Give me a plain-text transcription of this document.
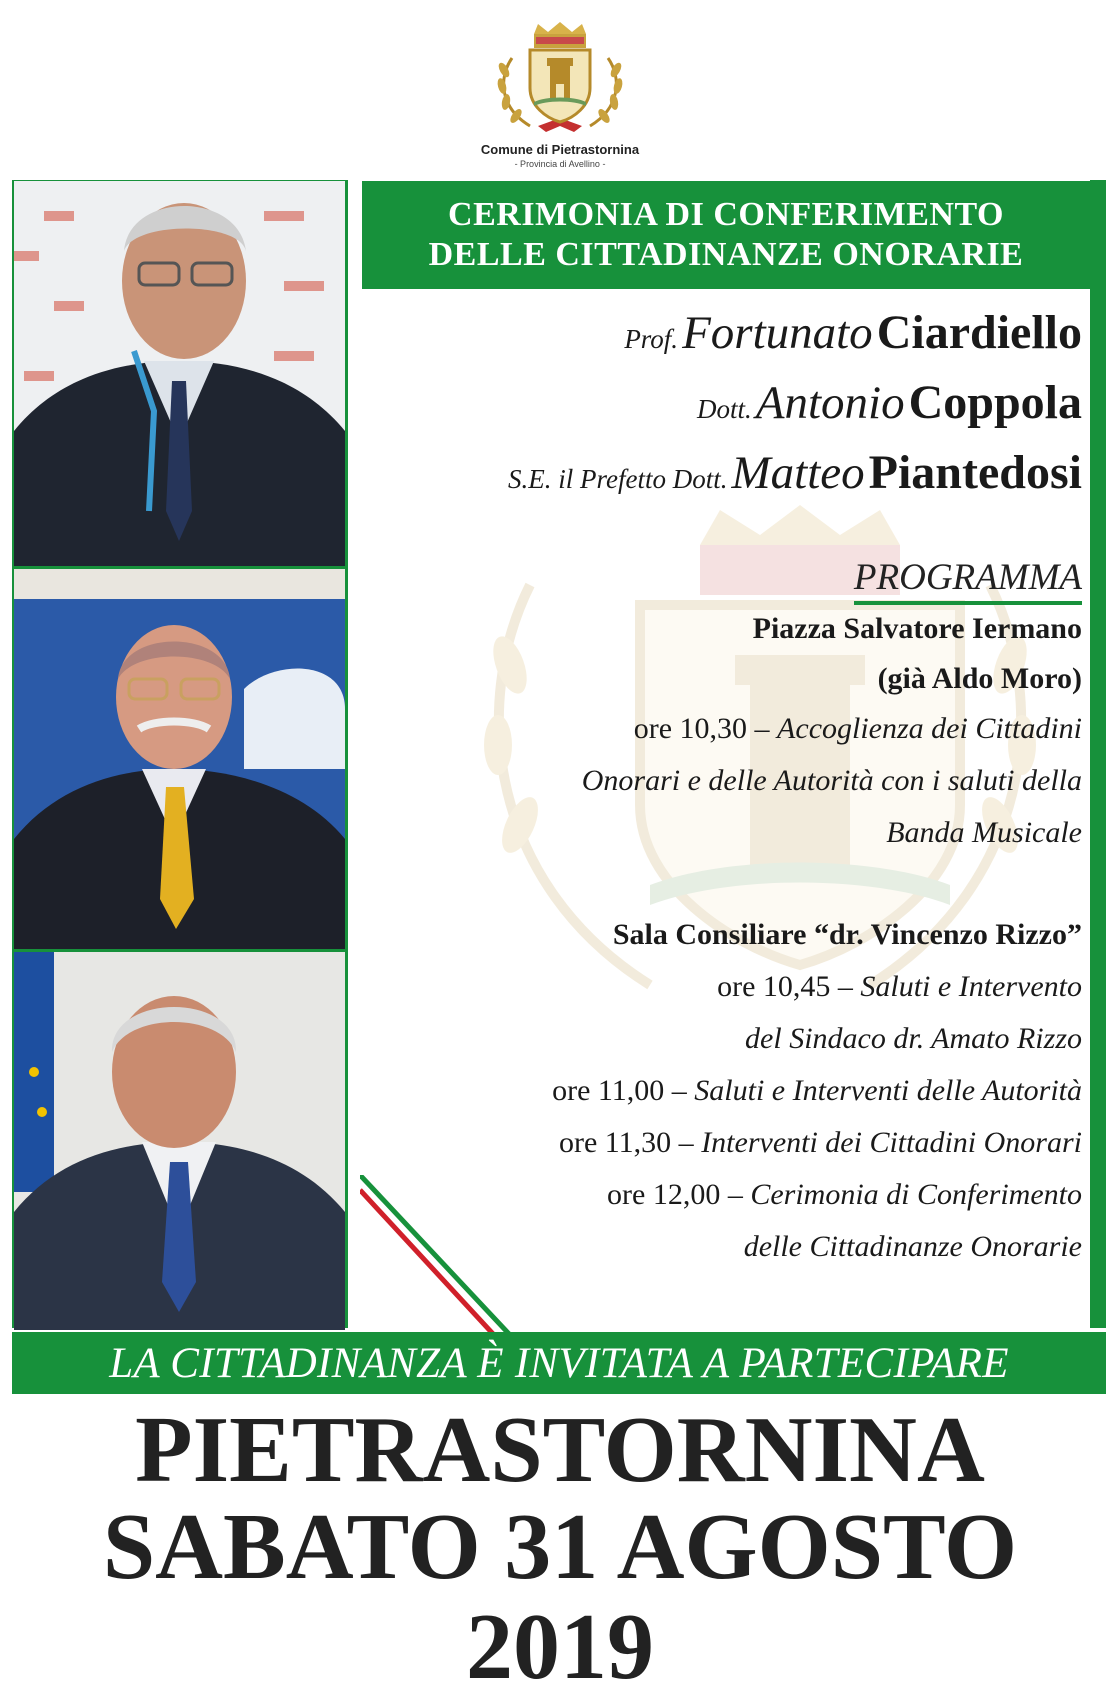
Comune di Pietrastornina
- Provincia di Avellino -
CERIMONIA DI CONFERIMENTO
DELLE CITTADINANZE ONORARIE
Prof. Fortunato Ciardiello
Dott. Antonio Coppola
S.E. il Prefetto Dott. Matteo Piantedosi
PROGRAMMA
Piazza Salvatore Iermano
(già Aldo Moro)
ore 10,30 – Accoglienza dei Cittadini
Onorari e delle Autorità con i saluti della
Banda Musicale
Sala Consiliare “dr. Vincenzo Rizzo”
ore 10,45 – Saluti e Intervento
del Sindaco dr. Amato Rizzo
ore 11,00 – Saluti e Interventi delle Autorità
ore 11,30 – Interventi dei Cittadini Onorari
ore 12,00 – Cerimonia di Conferimento
delle Cittadinanze Onorarie
LA CITTADINANZA È INVITATA A PARTECIPARE
PIETRASTORNINA
SABATO 31 AGOSTO 2019
